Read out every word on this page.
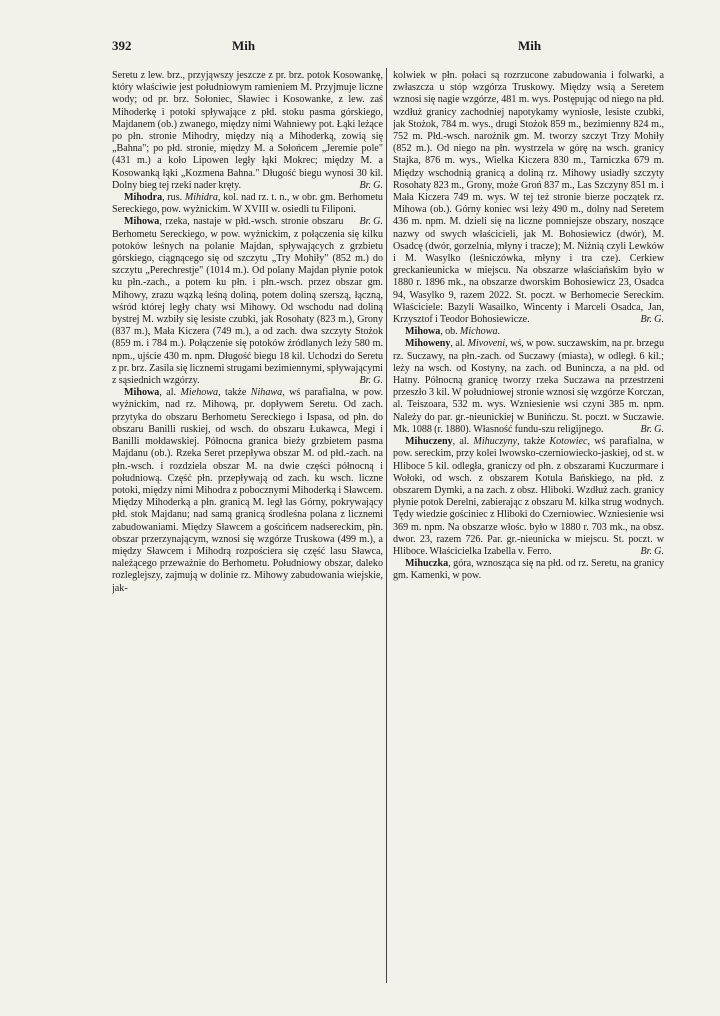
392	Mih	Mih

Seretu z lew. brz., przyjąwszy jeszcze z pr. brz. potok Kosowankę, który właściwie jest południowym ramieniem M. Przyjmuje liczne wody; od pr. brz. Sołoniec, Sławiec i Kosowanke, z lew. zaś Mihoderkę i potoki spływające z płd. stoku pasma górskiego, Majdanem (ob.) zwanego, między nimi Wahniewy pot. Łąki leżące po płn. stronie Mihodry, między nią a Mihoderką, zowią się „Bahna"; po płd. stronie, między M. a Sołońcem „Jeremie pole" (431 m.) a koło Lipowen legły łąki Mokrec; między M. a Kosowanką łąki „Kozmena Bahna." Długość biegu wynosi 30 kil. Dolny bieg tej rzeki nader kręty.	Br. G.

Mihodra, rus. Mihidra, kol. nad rz. t. n., w obr. gm. Berhometu Sereckiego, pow. wyżnickim. W XVIII w. osiedli tu Filiponi.
Br. G.

Mihowa, rzeka, nastaje w płd.-wsch. stronie obszaru Berhometu Sereckiego, w pow. wyżnickim, z połączenia się kilku potoków leśnych na polanie Majdan, spływających z grzbietu górskiego, ciągnącego się od szczytu „Try Mohiły" (852 m.) do szczytu „Perechrestje" (1014 m.). Od polany Majdan płynie potok ku płn.-zach., a potem ku płn. i płn.-wsch. przez obszar gm. Mihowy, zrazu wązką leśną doliną, potem doliną szerszą, łączną, wśród której legły chaty wsi Mihowy. Od wschodu nad doliną bystrej M. wzbiły się lesiste czubki, jak Rosohaty (823 m.), Grony (837 m.), Mała Kiczera (749 m.), a od zach. dwa szczyty Stożok (859 m. i 784 m.). Połączenie się potoków źródlanych leży 580 m. npm., ujście 430 m. npm. Długość biegu 18 kil. Uchodzi do Seretu z pr. brz. Zasila się licznemi strugami bezimiennymi, spływającymi z sąsiednich wzgórzy.	Br. G.

Mihowa, al. Miehowa, także Nihawa, wś parafialna, w pow. wyżnickim, nad rz. Mihową, pr. dopływem Seretu. Od zach. przytyka do obszaru Berhometu Sereckiego i Ispasa, od płn. do obszaru Banilli ruskiej, od wsch. do obszaru Łukawca, Megi i Banilli mołdawskiej. Północna granica bieży grzbietem pasma Majdanu (ob.). Rzeka Seret przepływa obszar M. od płd.-zach. na płn.-wsch. i rozdziela obszar M. na dwie części północną i południową. Część płn. przepływają od zach. ku wsch. liczne potoki, między nimi Mihodra z pobocznymi Mihoderką i Sławcem. Między Mihoderką a płn. granicą M. legł las Górny, pokrywający płd. stok Majdanu; nad samą granicą środleśna polana z licznemi zabudowaniami. Między Sławcem a gościńcem nadsereckim, płn. obszar przerzynającym, wznosi się wzgórze Truskowa (499 m.), a między Sławcem i Mihodrą rozpościera się część lasu Sławca, należącego przeważnie do Berhometu. Południowy obszar, daleko rozleglejszy, zajmują w dolinie rz. Mihowy zabudowania wiejskie, jak-

kolwiek w płn. połaci są rozrzucone zabudowania i folwarki, a zwłaszcza u stóp wzgórza Truskowy. Między wsią a Seretem wznosi się nagie wzgórze, 481 m. wys. Postępując od niego na płd. wzdłuż granicy zachodniej napotykamy wyniosłe, lesiste czubki, jak Stożok, 784 m. wys., drugi Stożok 859 m., bezimienny 824 m., 752 m. Płd.-wsch. narożnik gm. M. tworzy szczyt Trzy Mohiły (852 m.). Od niego na płn. wystrzela w górę na wsch. granicy Stajka, 876 m. wys., Wielka Kiczera 830 m., Tarniczka 679 m. Między wschodnią granicą a doliną rz. Mihowy usiadły szczyty Rosohaty 823 m., Grony, może Groń 837 m., Las Szczyny 851 m. i Mała Kiczera 749 m. wys. W tej też stronie bierze początek rz. Mihowa (ob.). Górny koniec wsi leży 490 m., dolny nad Seretem 436 m. npm. M. dzieli się na liczne pomniejsze obszary, noszące nazwy od swych właścicieli, jak M. Bohosiewicz (dwór), M. Osadcę (dwór, gorzelnia, młyny i tracze); M. Niżnią czyli Lewków i M. Wasylko (leśniczówka, młyny i tra cze). Cerkiew greckanieunicka w miejscu. Na obszarze właściańskim było w 1880 r. 1896 mk., na obszarze dworskim Bohosiewicz 23, Osadca 94, Wasylko 9, razem 2022. St. poczt. w Berhomecie Sereckim. Właściciele: Bazyli Wasailko, Wincenty i Marceli Osadca, Jan, Krzysztof i Teodor Bohosiewicze.	Br. G.

Mihowa, ob. Michowa.

Mihoweny, al. Mivoveni, wś, w pow. suczawskim, na pr. brzegu rz. Suczawy, na płn.-zach. od Suczawy (miasta), w odległ. 6 kil.; leży na wsch. od Kostyny, na zach. od Bunincza, a na płd. od Hatny. Północną granicę tworzy rzeka Suczawa na przestrzeni przeszło 3 kil. W południowej stronie wznosi się wzgórze Korczan, al. Teiszoara, 532 m. wys. Wzniesienie wsi czyni 385 m. npm. Należy do par. gr.-nieunickiej w Bunińczu. St. poczt. w Suczawie. Mk. 1088 (r. 1880). Własność fundu-szu religijnego.	Br. G.

Mihuczeny, al. Mihuczyny, także Kotowiec, wś parafialna, w pow. sereckim, przy kolei lwowsko-czerniowiecko-jaskiej, od st. w Hliboce 5 kil. odległa, graniczy od płn. z obszarami Kuczurmare i Wołoki, od wsch. z obszarem Kotula Bańskiego, na płd. z obszarem Dymki, a na zach. z obsz. Hliboki. Wzdłuż zach. granicy płynie potok Derelni, zabierając z obszaru M. kilka strug wodnych. Tędy wiedzie gościniec z Hliboki do Czerniowiec. Wzniesienie wsi 369 m. npm. Na obszarze włośc. było w 1880 r. 703 mk., na obsz. dwor. 23, razem 726. Par. gr.-nieunicka w miejscu. St. poczt. w Hliboce. Właścicielka Izabella v. Ferro.	Br. G.

Mihuczka, góra, wznosząca się na płd. od rz. Seretu, na granicy gm. Kamenki, w pow.
